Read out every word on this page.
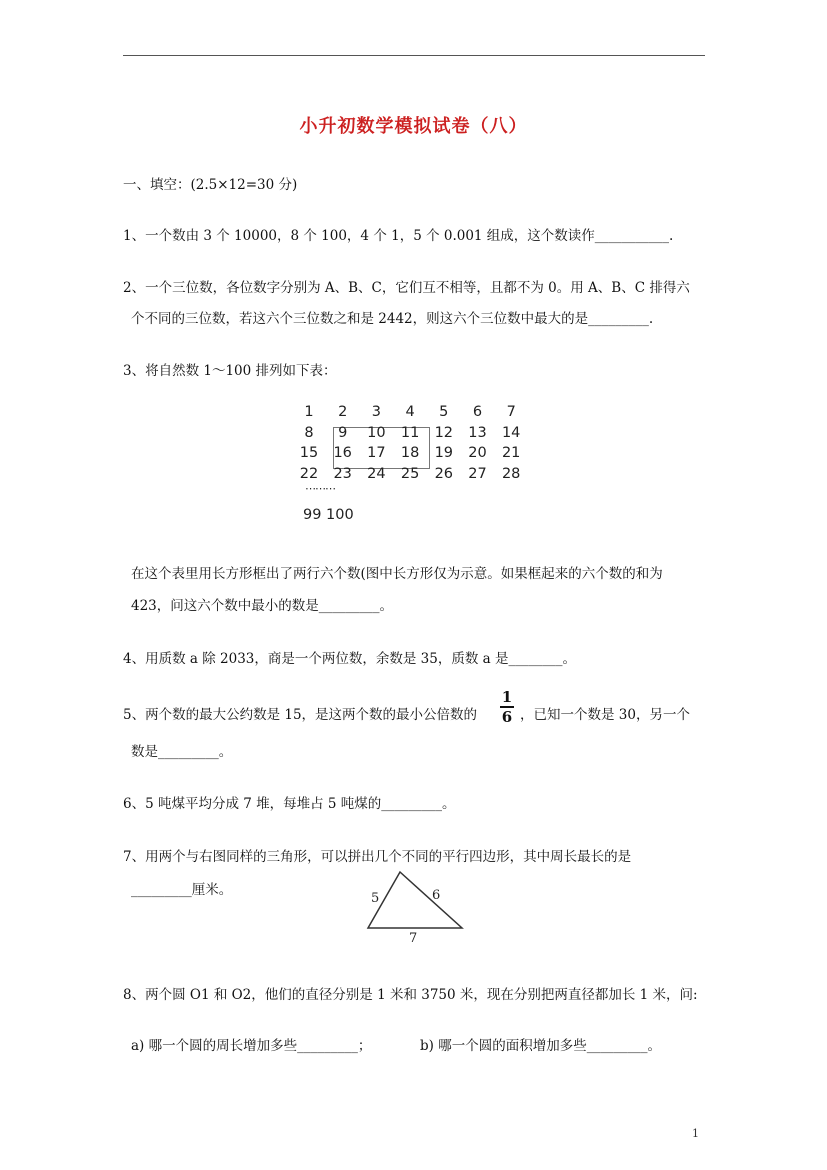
小升初数学模拟试卷（八）
一、填空：(2.5×12=30 分)
1、一个数由 3 个 10000，8 个 100，4 个 1，5 个 0.001 组成，这个数读作___________.
2、一个三位数，各位数字分别为 A、B、C，它们互不相等，且都不为 0。用 A、B、C 排得六
个不同的三位数，若这六个三位数之和是 2442，则这六个三位数中最大的是_________.
3、将自然数 1～100 排列如下表：
1	2	3	4	5	6	7
8	9	10	11	12	13	14
15	16	17	18	19	20	21
22	23	24	25	26	27	28
⋯⋯⋯
99 100
在这个表里用长方形框出了两行六个数(图中长方形仅为示意。如果框起来的六个数的和为
423，问这六个数中最小的数是_________。
4、用质数 a 除 2033，商是一个两位数，余数是 35，质数 a 是________。
5、两个数的最大公约数是 15，是这两个数的最小公倍数的
1
6 ，已知一个数是 30，另一个
数是_________。
6、5 吨煤平均分成 7 堆，每堆占 5 吨煤的_________。
7、用两个与右图同样的三角形，可以拼出几个不同的平行四边形，其中周长最长的是
_________厘米。
5	6
7
8、两个圆 O1 和 O2，他们的直径分别是 1 米和 3750 米，现在分别把两直径都加长 1 米，问:
a) 哪一个圆的周长增加多些_________；	b) 哪一个圆的面积增加多些_________。
1
